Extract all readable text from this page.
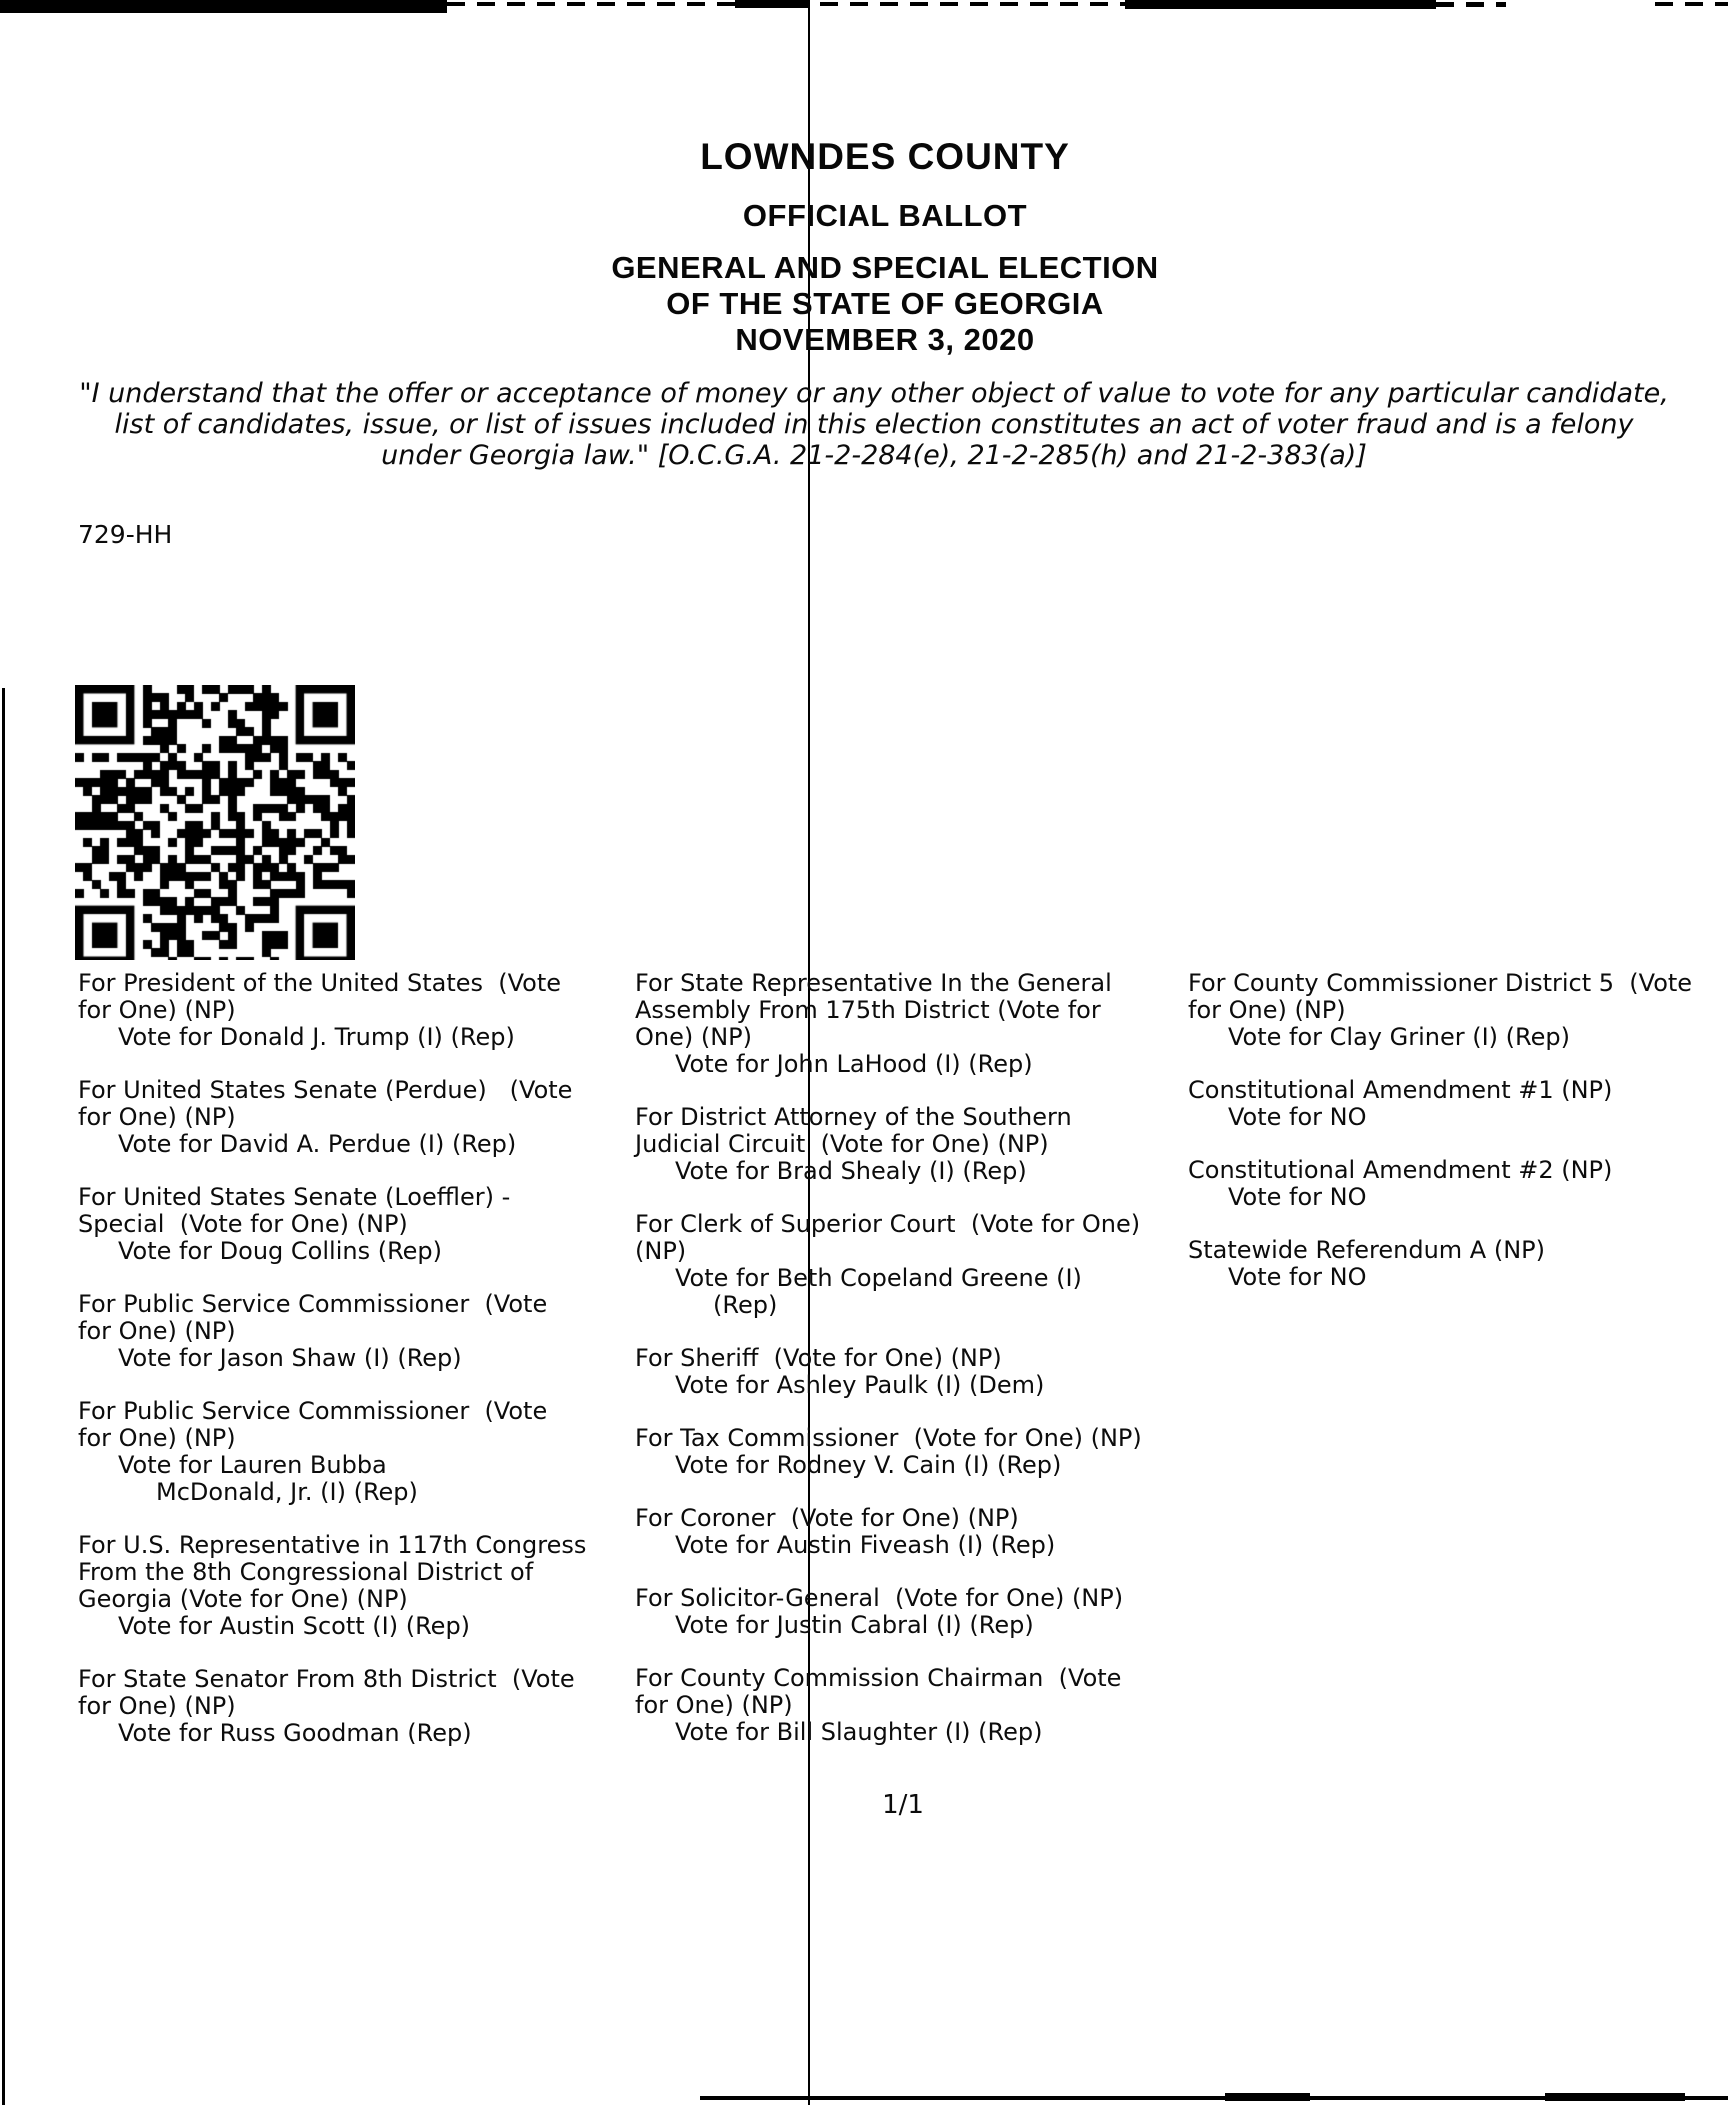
LOWNDES COUNTY
OFFICIAL BALLOT
GENERAL AND SPECIAL ELECTION
OF THE STATE OF GEORGIA
NOVEMBER 3, 2020
"I understand that the offer or acceptance of money or any other object of value to vote for any particular candidate,
list of candidates, issue, or list of issues included in this election constitutes an act of voter fraud and is a felony
under Georgia law." [O.C.G.A. 21-2-284(e), 21-2-285(h) and 21-2-383(a)]
729-HH
For President of the United States  (Vote
for One) (NP)
Vote for Donald J. Trump (I) (Rep)
For United States Senate (Perdue)   (Vote
for One) (NP)
Vote for David A. Perdue (I) (Rep)
For United States Senate (Loeffler) -
Special  (Vote for One) (NP)
Vote for Doug Collins (Rep)
For Public Service Commissioner  (Vote
for One) (NP)
Vote for Jason Shaw (I) (Rep)
For Public Service Commissioner  (Vote
for One) (NP)
Vote for Lauren Bubba
McDonald, Jr. (I) (Rep)
For U.S. Representative in 117th Congress
From the 8th Congressional District of
Georgia (Vote for One) (NP)
Vote for Austin Scott (I) (Rep)
For State Senator From 8th District  (Vote
for One) (NP)
Vote for Russ Goodman (Rep)
For State Representative In the General
Assembly From 175th District (Vote for
One) (NP)
Vote for John LaHood (I) (Rep)
For District Attorney of the Southern
Judicial Circuit  (Vote for One) (NP)
Vote for Brad Shealy (I) (Rep)
For Clerk of Superior Court  (Vote for One)
(NP)
Vote for Beth Copeland Greene (I)
(Rep)
For Sheriff  (Vote for One) (NP)
Vote for Ashley Paulk (I) (Dem)
For Tax Commissioner  (Vote for One) (NP)
Vote for Rodney V. Cain (I) (Rep)
For Coroner  (Vote for One) (NP)
Vote for Austin Fiveash (I) (Rep)
For Solicitor-General  (Vote for One) (NP)
Vote for Justin Cabral (I) (Rep)
For County Commission Chairman  (Vote
for One) (NP)
Vote for Bill Slaughter (I) (Rep)
For County Commissioner District 5  (Vote
for One) (NP)
Vote for Clay Griner (I) (Rep)
Constitutional Amendment #1 (NP)
Vote for NO
Constitutional Amendment #2 (NP)
Vote for NO
Statewide Referendum A (NP)
Vote for NO
1/1
